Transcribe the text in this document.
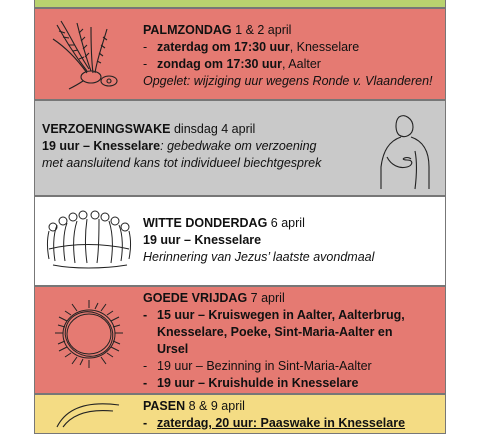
PALMZONDAG 1 & 2 april
- zaterdag om 17:30 uur, Knesselare
- zondag om 17:30 uur, Aalter
Opgelet: wijziging uur wegens Ronde v. Vlaanderen!
VERZOENINGSWAKE dinsdag 4 april
19 uur – Knesselare: gebedwake om verzoening
met aansluitend kans tot individueel biechtgesprek
WITTE DONDERDAG 6 april
19 uur – Knesselare
Herinnering van Jezus’ laatste avondmaal
GOEDE VRIJDAG 7 april
- 15 uur – Kruiswegen in Aalter, Aalterbrug,
Knesselare, Poeke, Sint-Maria-Aalter en
Ursel
- 19 uur – Bezinning in Sint-Maria-Aalter
- 19 uur – Kruishulde in Knesselare
PASEN 8 & 9 april
- zaterdag, 20 uur: Paaswake in Knesselare
